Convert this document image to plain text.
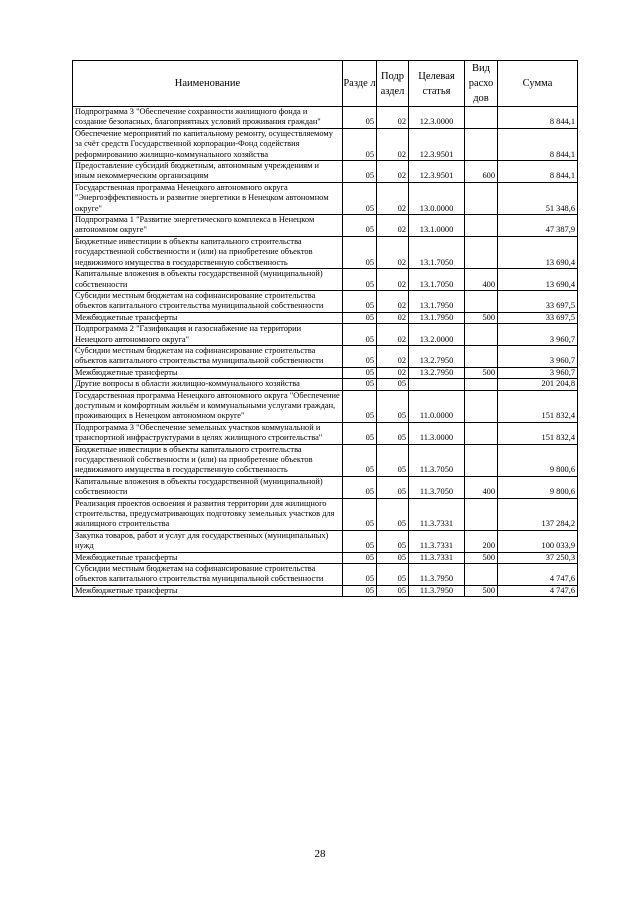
Наименование	Разде л	Подр аздел	Целевая статья	Вид расхо дов	Сумма
Подпрограмма 3 "Обеспечение сохранности жилищного фонда и создание безопасных, благоприятных условий проживания граждан"	05	02	12.3.0000		8 844,1
Обеспечение мероприятий по капитальному ремонту, осуществляемому за счёт средств Государственной корпорации-Фонд содействия реформированию жилищно-коммунального хозяйства	05	02	12.3.9501		8 844,1
Предоставление субсидий бюджетным, автономным учреждениям и иным некоммерческим организациям	05	02	12.3.9501	600	8 844,1
Государственная программа Ненецкого автономного округа "Энергоэффективность и развитие энергетики в Ненецком автономном округе"	05	02	13.0.0000		51 348,6
Подпрограмма 1 "Развитие энергетического комплекса в Ненецком автономном округе"	05	02	13.1.0000		47 387,9
Бюджетные инвестиции в объекты капитального строительства государственной собственности и (или) на приобретение объектов недвижимого имущества в государственную собственность	05	02	13.1.7050		13 690,4
Капитальные вложения в объекты государственной (муниципальной) собственности	05	02	13.1.7050	400	13 690,4
Субсидии местным бюджетам на софинансирование строительства объектов капитального строительства муниципальной собственности	05	02	13.1.7950		33 697,5
Межбюджетные трансферты	05	02	13.1.7950	500	33 697,5
Подпрограмма 2 "Газификация и газоснабжение на территории Ненецкого автономного округа"	05	02	13.2.0000		3 960,7
Субсидии местным бюджетам на софинансирование строительства объектов капитального строительства муниципальной собственности	05	02	13.2.7950		3 960,7
Межбюджетные трансферты	05	02	13.2.7950	500	3 960,7
Другие вопросы в области жилищно-коммунального хозяйства	05	05			201 204,8
Государственная программа Ненецкого автономного округа "Обеспечение доступным и комфортным жильём и коммунальными услугами граждан, проживающих в Ненецком автономном округе"	05	05	11.0.0000		151 832,4
Подпрограмма 3 "Обеспечение земельных участков коммунальной и транспортной инфраструктурами в целях жилищного строительства"	05	05	11.3.0000		151 832,4
Бюджетные инвестиции в объекты капитального строительства государственной собственности и (или) на приобретение объектов недвижимого имущества в государственную собственность	05	05	11.3.7050		9 800,6
Капитальные вложения в объекты государственной (муниципальной) собственности	05	05	11.3.7050	400	9 800,6
Реализация проектов освоения и развития территории для жилищного строительства, предусматривающих подготовку земельных участков для жилищного строительства	05	05	11.3.7331		137 284,2
Закупка товаров, работ и услуг для государственных (муниципальных) нужд	05	05	11.3.7331	200	100 033,9
Межбюджетные трансферты	05	05	11.3.7331	500	37 250,3
Субсидии местным бюджетам на софинансирование строительства объектов капитального строительства муниципальной собственности	05	05	11.3.7950		4 747,6
Межбюджетные трансферты	05	05	11.3.7950	500	4 747,6
28
